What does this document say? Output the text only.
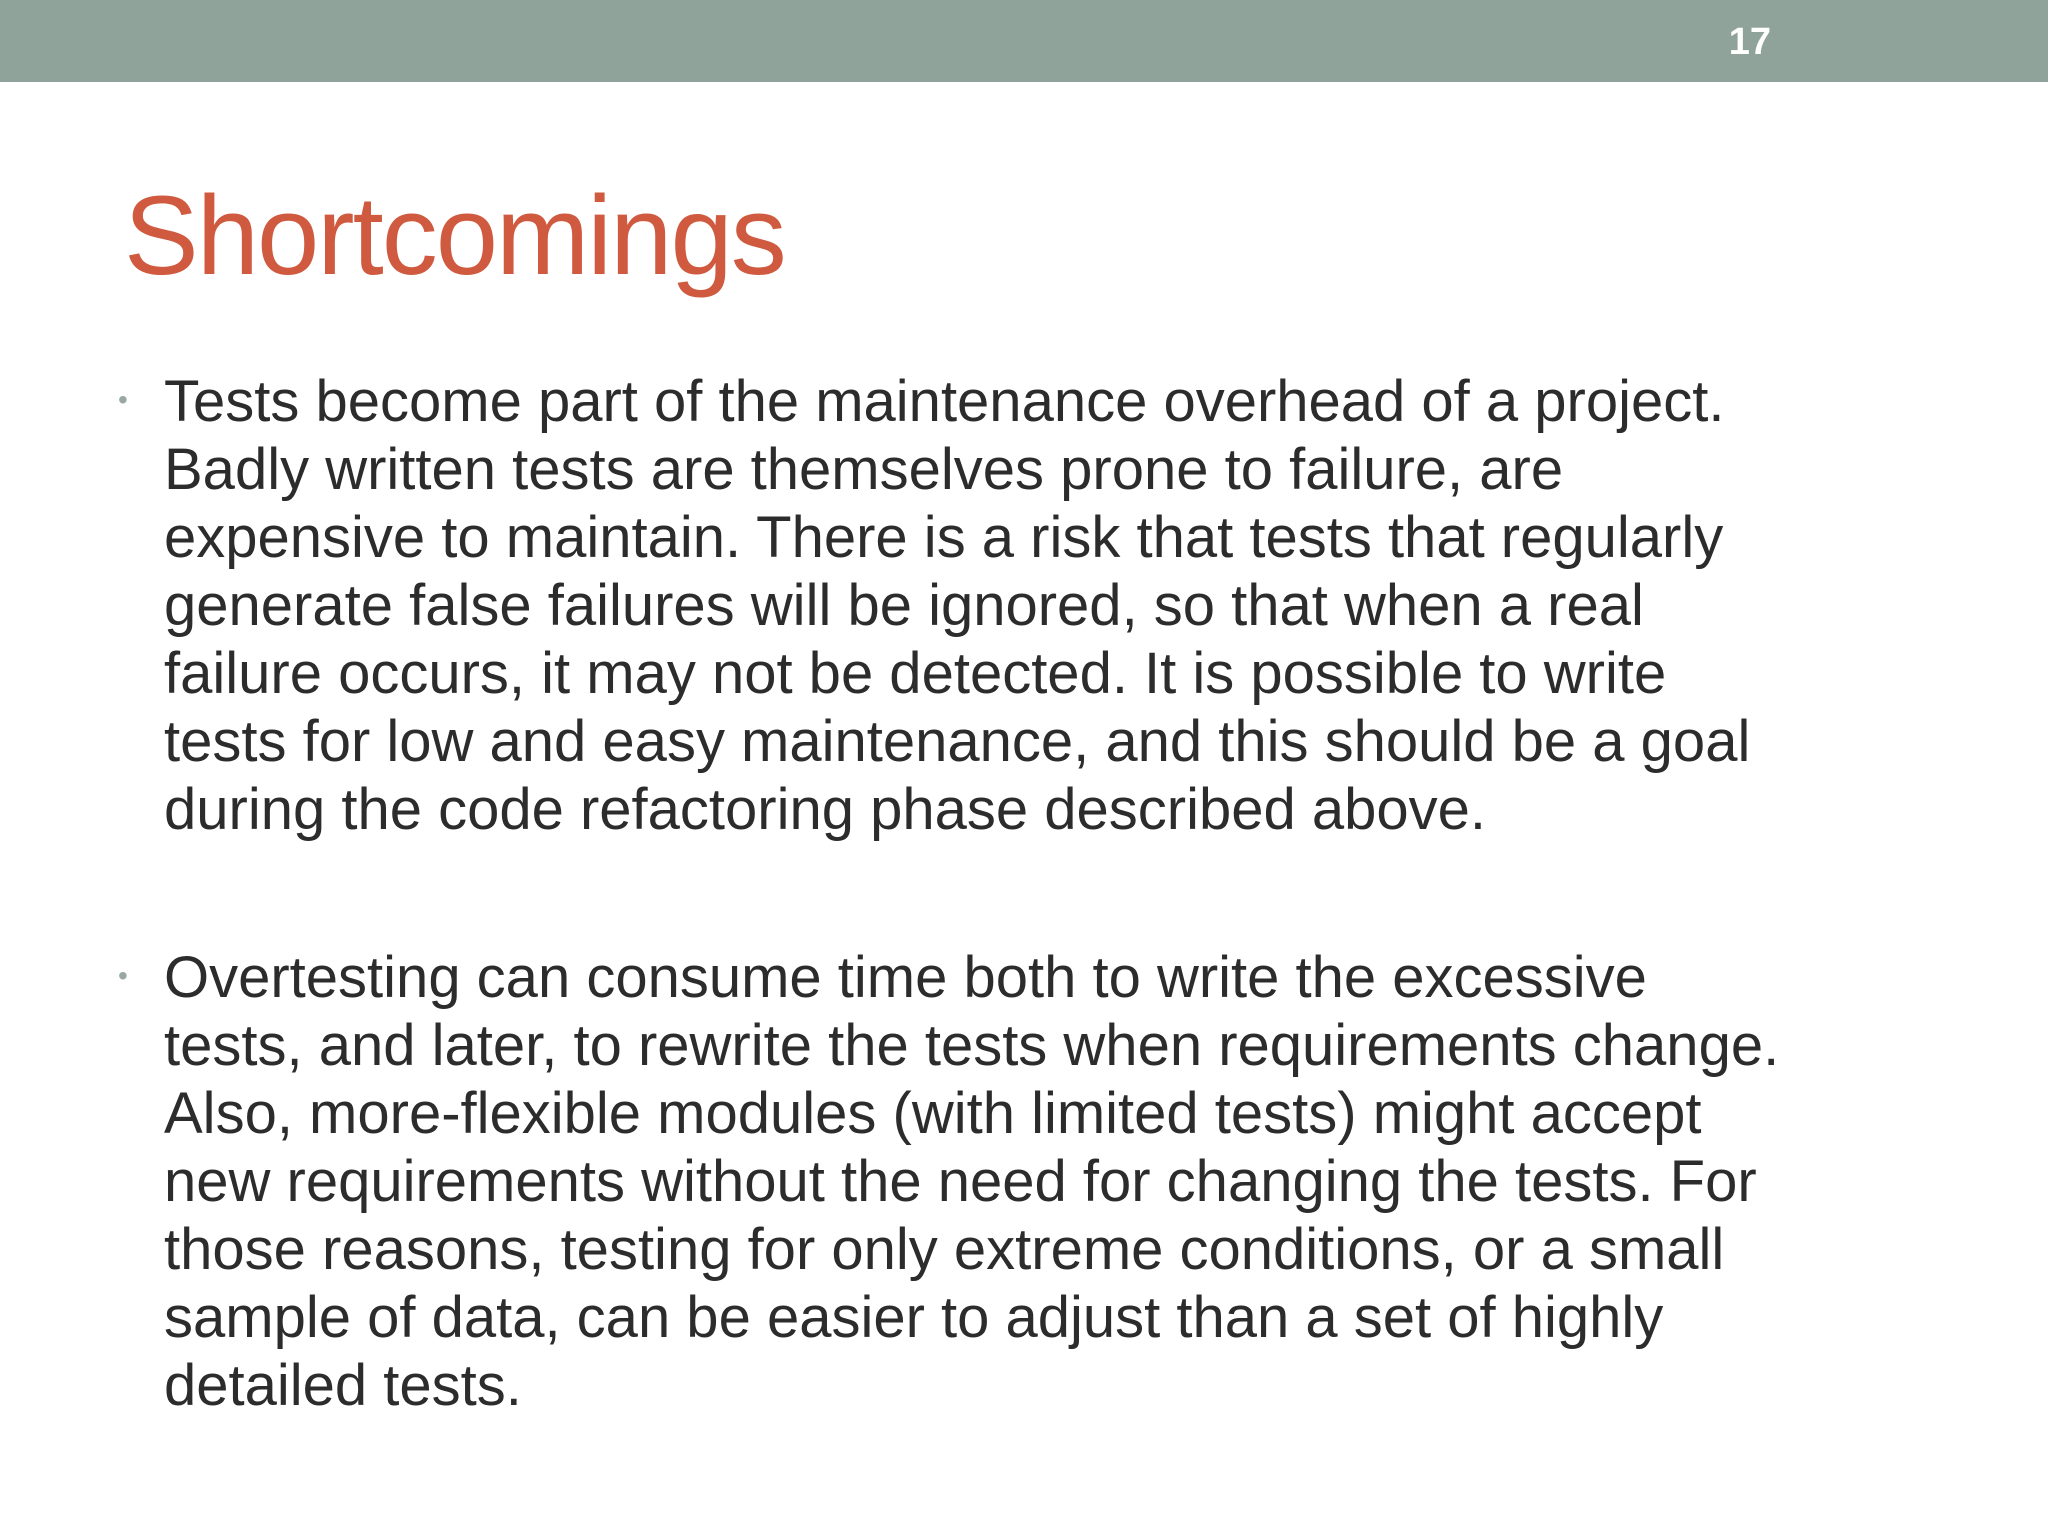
17
Shortcomings
• Tests become part of the maintenance overhead of a project.
Badly written tests are themselves prone to failure, are
expensive to maintain. There is a risk that tests that regularly
generate false failures will be ignored, so that when a real
failure occurs, it may not be detected. It is possible to write
tests for low and easy maintenance, and this should be a goal
during the code refactoring phase described above.
• Overtesting can consume time both to write the excessive
tests, and later, to rewrite the tests when requirements change.
Also, more-flexible modules (with limited tests) might accept
new requirements without the need for changing the tests. For
those reasons, testing for only extreme conditions, or a small
sample of data, can be easier to adjust than a set of highly
detailed tests.
